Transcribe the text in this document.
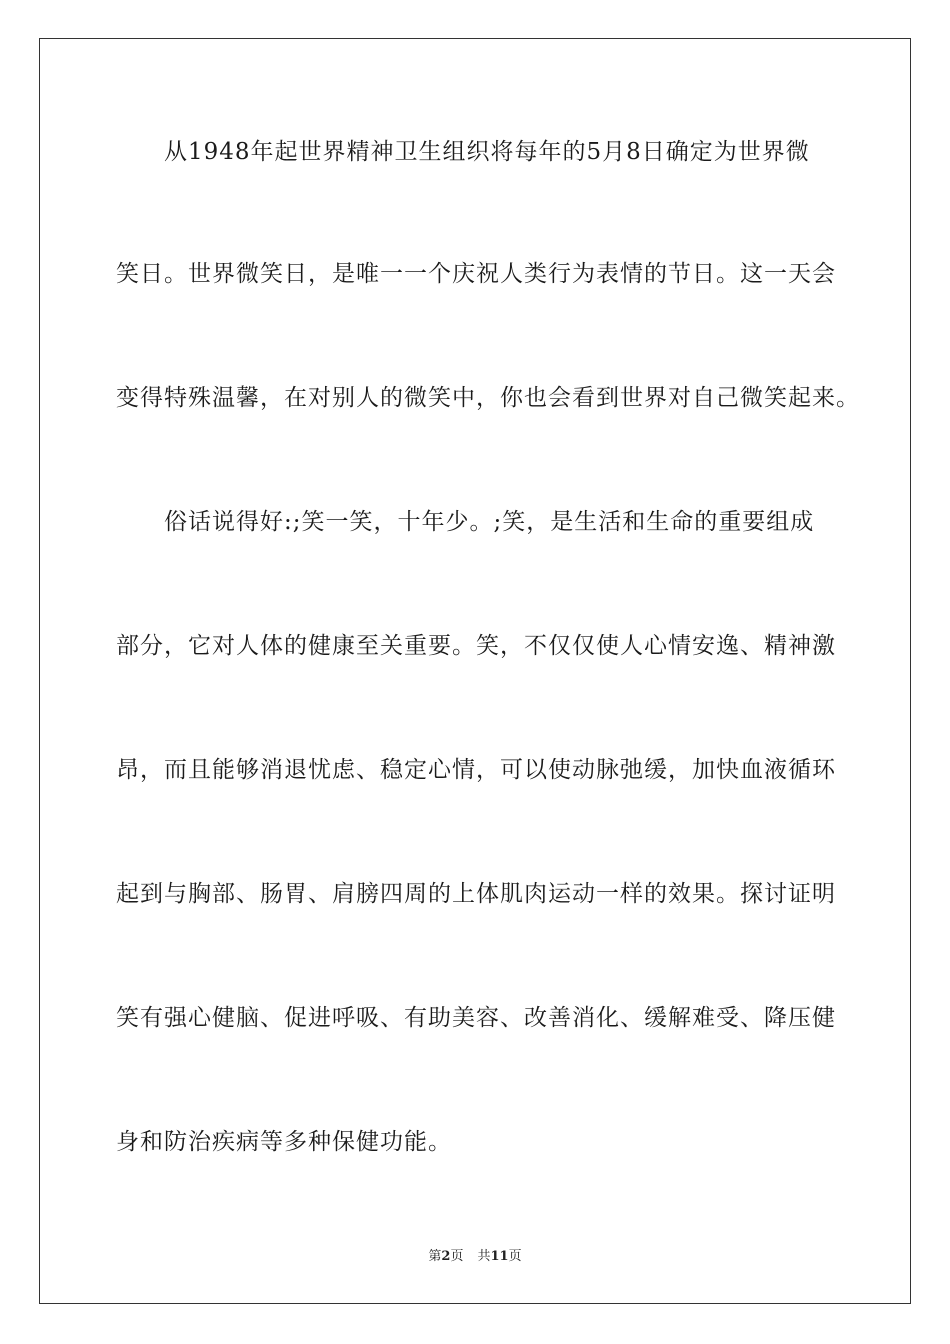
从1948年起世界精神卫生组织将每年的5月8日确定为世界微
笑日。世界微笑日，是唯一一个庆祝人类行为表情的节日。这一天会
变得特殊温馨，在对别人的微笑中，你也会看到世界对自己微笑起来。
俗话说得好:;笑一笑，十年少。;笑，是生活和生命的重要组成
部分，它对人体的健康至关重要。笑，不仅仅使人心情安逸、精神激
昂，而且能够消退忧虑、稳定心情，可以使动脉弛缓，加快血液循环
起到与胸部、肠胃、肩膀四周的上体肌肉运动一样的效果。探讨证明
笑有强心健脑、促进呼吸、有助美容、改善消化、缓解难受、降压健
身和防治疾病等多种保健功能。
第2页 共11页
